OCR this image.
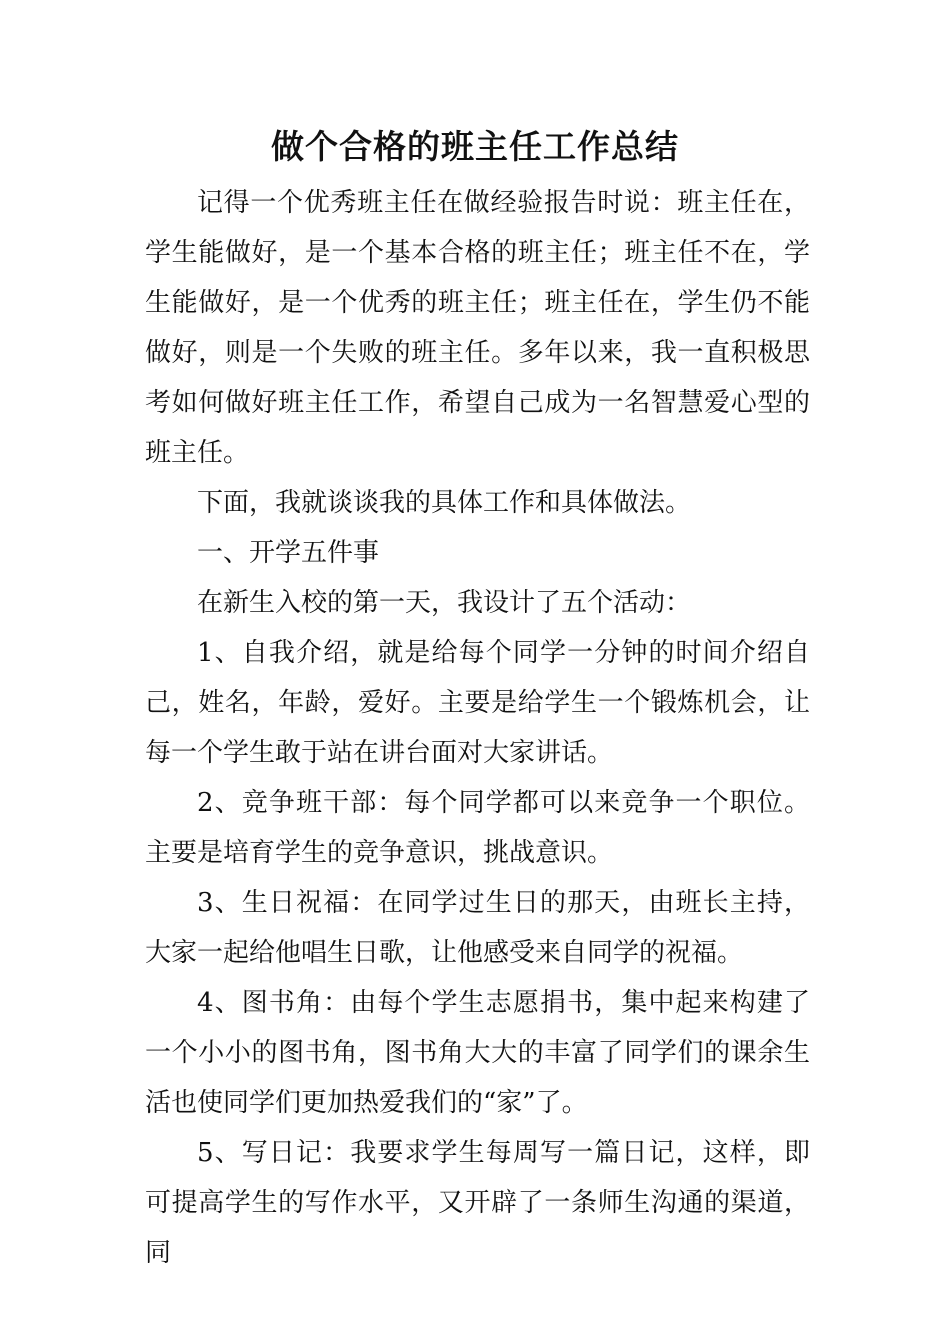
做个合格的班主任工作总结

记得一个优秀班主任在做经验报告时说：班主任在，学生能做好，是一个基本合格的班主任；班主任不在，学生能做好，是一个优秀的班主任；班主任在，学生仍不能做好，则是一个失败的班主任。多年以来，我一直积极思考如何做好班主任工作，希望自己成为一名智慧爱心型的班主任。

下面，我就谈谈我的具体工作和具体做法。

一、开学五件事

在新生入校的第一天，我设计了五个活动：

1、自我介绍，就是给每个同学一分钟的时间介绍自己，姓名，年龄，爱好。主要是给学生一个锻炼机会，让每一个学生敢于站在讲台面对大家讲话。

2、竞争班干部：每个同学都可以来竞争一个职位。主要是培育学生的竞争意识，挑战意识。

3、生日祝福：在同学过生日的那天，由班长主持，大家一起给他唱生日歌，让他感受来自同学的祝福。

4、图书角：由每个学生志愿捐书，集中起来构建了一个小小的图书角，图书角大大的丰富了同学们的课余生活也使同学们更加热爱我们的“家”了。

5、写日记：我要求学生每周写一篇日记，这样，即可提高学生的写作水平，又开辟了一条师生沟通的渠道，同
